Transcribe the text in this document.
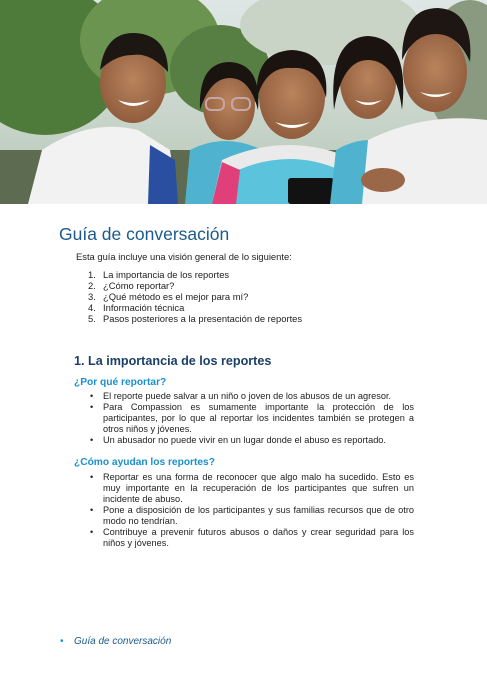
Guía de conversación

Esta guía incluye una visión general de lo siguiente:

1. La importancia de los reportes
2. ¿Cómo reportar?
3. ¿Qué método es el mejor para mí?
4. Información técnica
5. Pasos posteriores a la presentación de reportes
1. La importancia de los reportes
¿Por qué reportar?
• El reporte puede salvar a un niño o joven de los abusos de un agresor.
• Para Compassion es sumamente importante la protección de los participantes, por lo que al reportar los incidentes también se protegen a otros niños y jóvenes.
• Un abusador no puede vivir en un lugar donde el abuso es reportado.
¿Cómo ayudan los reportes?
• Reportar es una forma de reconocer que algo malo ha sucedido. Esto es muy importante en la recuperación de los participantes que sufren un incidente de abuso.
• Pone a disposición de los participantes y sus familias recursos que de otro modo no tendrían.
• Contribuye a prevenir futuros abusos o daños y crear seguridad para los niños y jóvenes.
• Guía de conversación
